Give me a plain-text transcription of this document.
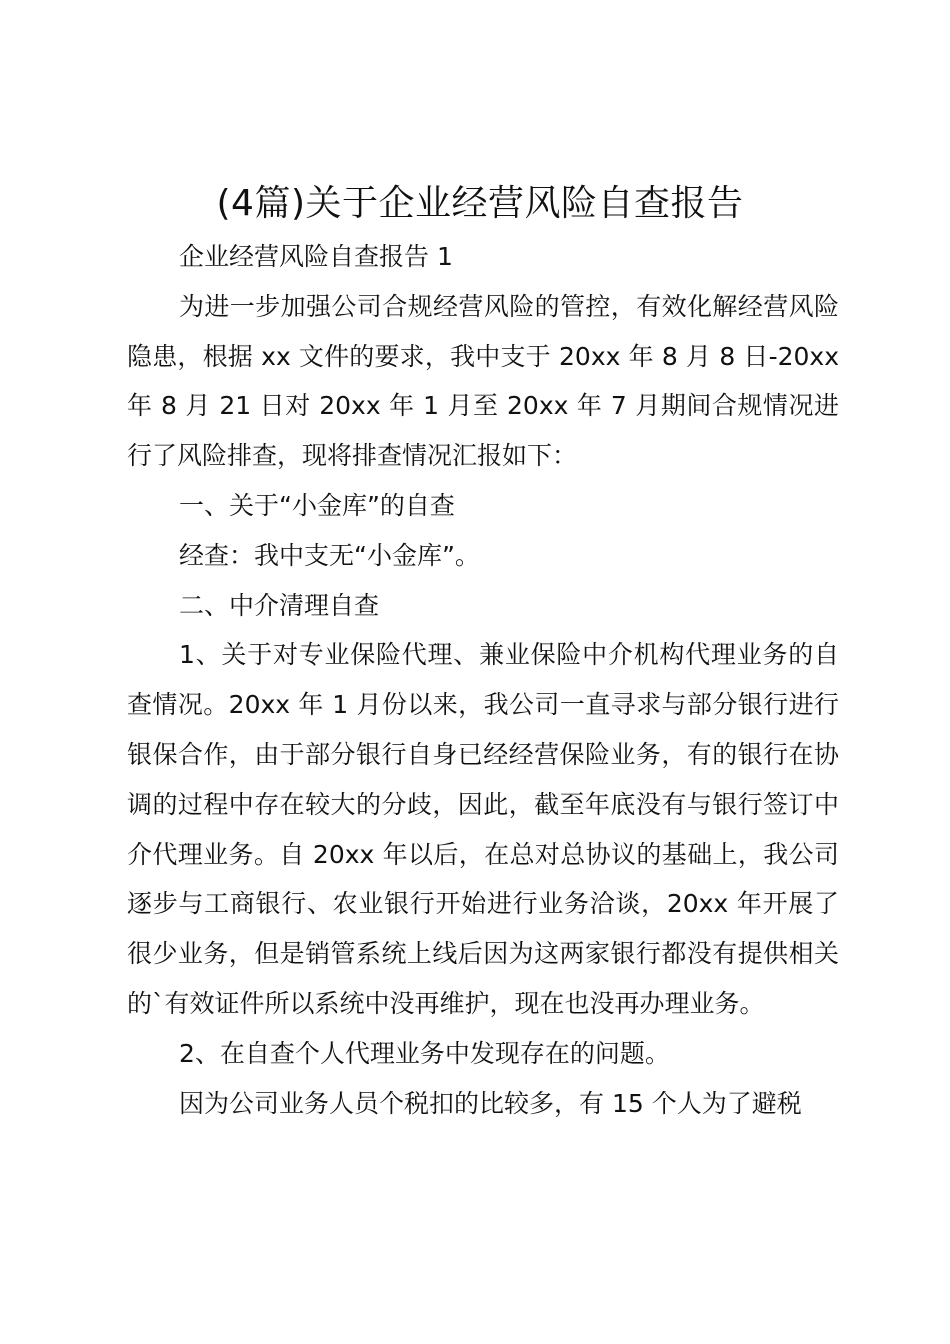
(4篇)关于企业经营风险自查报告

企业经营风险自查报告 1

为进一步加强公司合规经营风险的管控，有效化解经营风险隐患，根据 xx 文件的要求，我中支于 20xx 年 8 月 8 日-20xx 年 8 月 21 日对 20xx 年 1 月至 20xx 年 7 月期间合规情况进行了风险排查，现将排查情况汇报如下：

一、关于“小金库”的自查

经查：我中支无“小金库”。

二、中介清理自查

1、关于对专业保险代理、兼业保险中介机构代理业务的自查情况。20xx 年 1 月份以来，我公司一直寻求与部分银行进行银保合作，由于部分银行自身已经经营保险业务，有的银行在协调的过程中存在较大的分歧，因此，截至年底没有与银行签订中介代理业务。自 20xx 年以后，在总对总协议的基础上，我公司逐步与工商银行、农业银行开始进行业务洽谈，20xx 年开展了很少业务，但是销管系统上线后因为这两家银行都没有提供相关的`有效证件所以系统中没再维护，现在也没再办理业务。

2、在自查个人代理业务中发现存在的问题。

因为公司业务人员个税扣的比较多，有 15 个人为了避税
